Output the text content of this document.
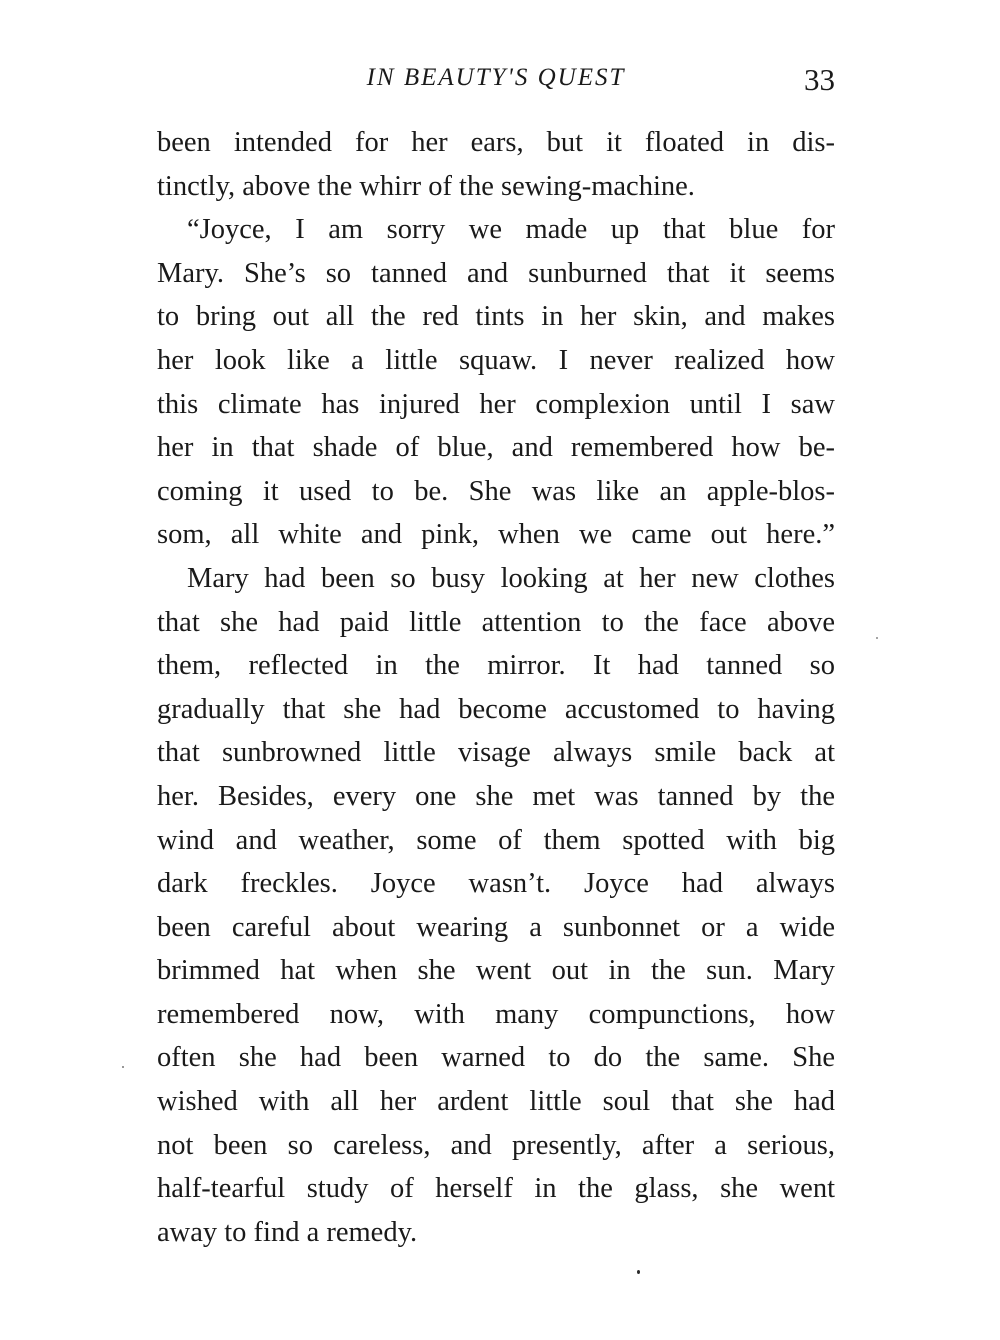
IN BEAUTY'S QUEST	33
been intended for her ears, but it floated in dis-
tinctly, above the whirr of the sewing-machine.
“Joyce, I am sorry we made up that blue for
Mary. She’s so tanned and sunburned that it seems
to bring out all the red tints in her skin, and makes
her look like a little squaw. I never realized how
this climate has injured her complexion until I saw
her in that shade of blue, and remembered how be-
coming it used to be. She was like an apple-blos-
som, all white and pink, when we came out here.”
Mary had been so busy looking at her new clothes
that she had paid little attention to the face above
them, reflected in the mirror. It had tanned so
gradually that she had become accustomed to having
that sunbrowned little visage always smile back at
her. Besides, every one she met was tanned by the
wind and weather, some of them spotted with big
dark freckles. Joyce wasn’t. Joyce had always
been careful about wearing a sunbonnet or a wide
brimmed hat when she went out in the sun. Mary
remembered now, with many compunctions, how
often she had been warned to do the same. She
wished with all her ardent little soul that she had
not been so careless, and presently, after a serious,
half-tearful study of herself in the glass, she went
away to find a remedy.
